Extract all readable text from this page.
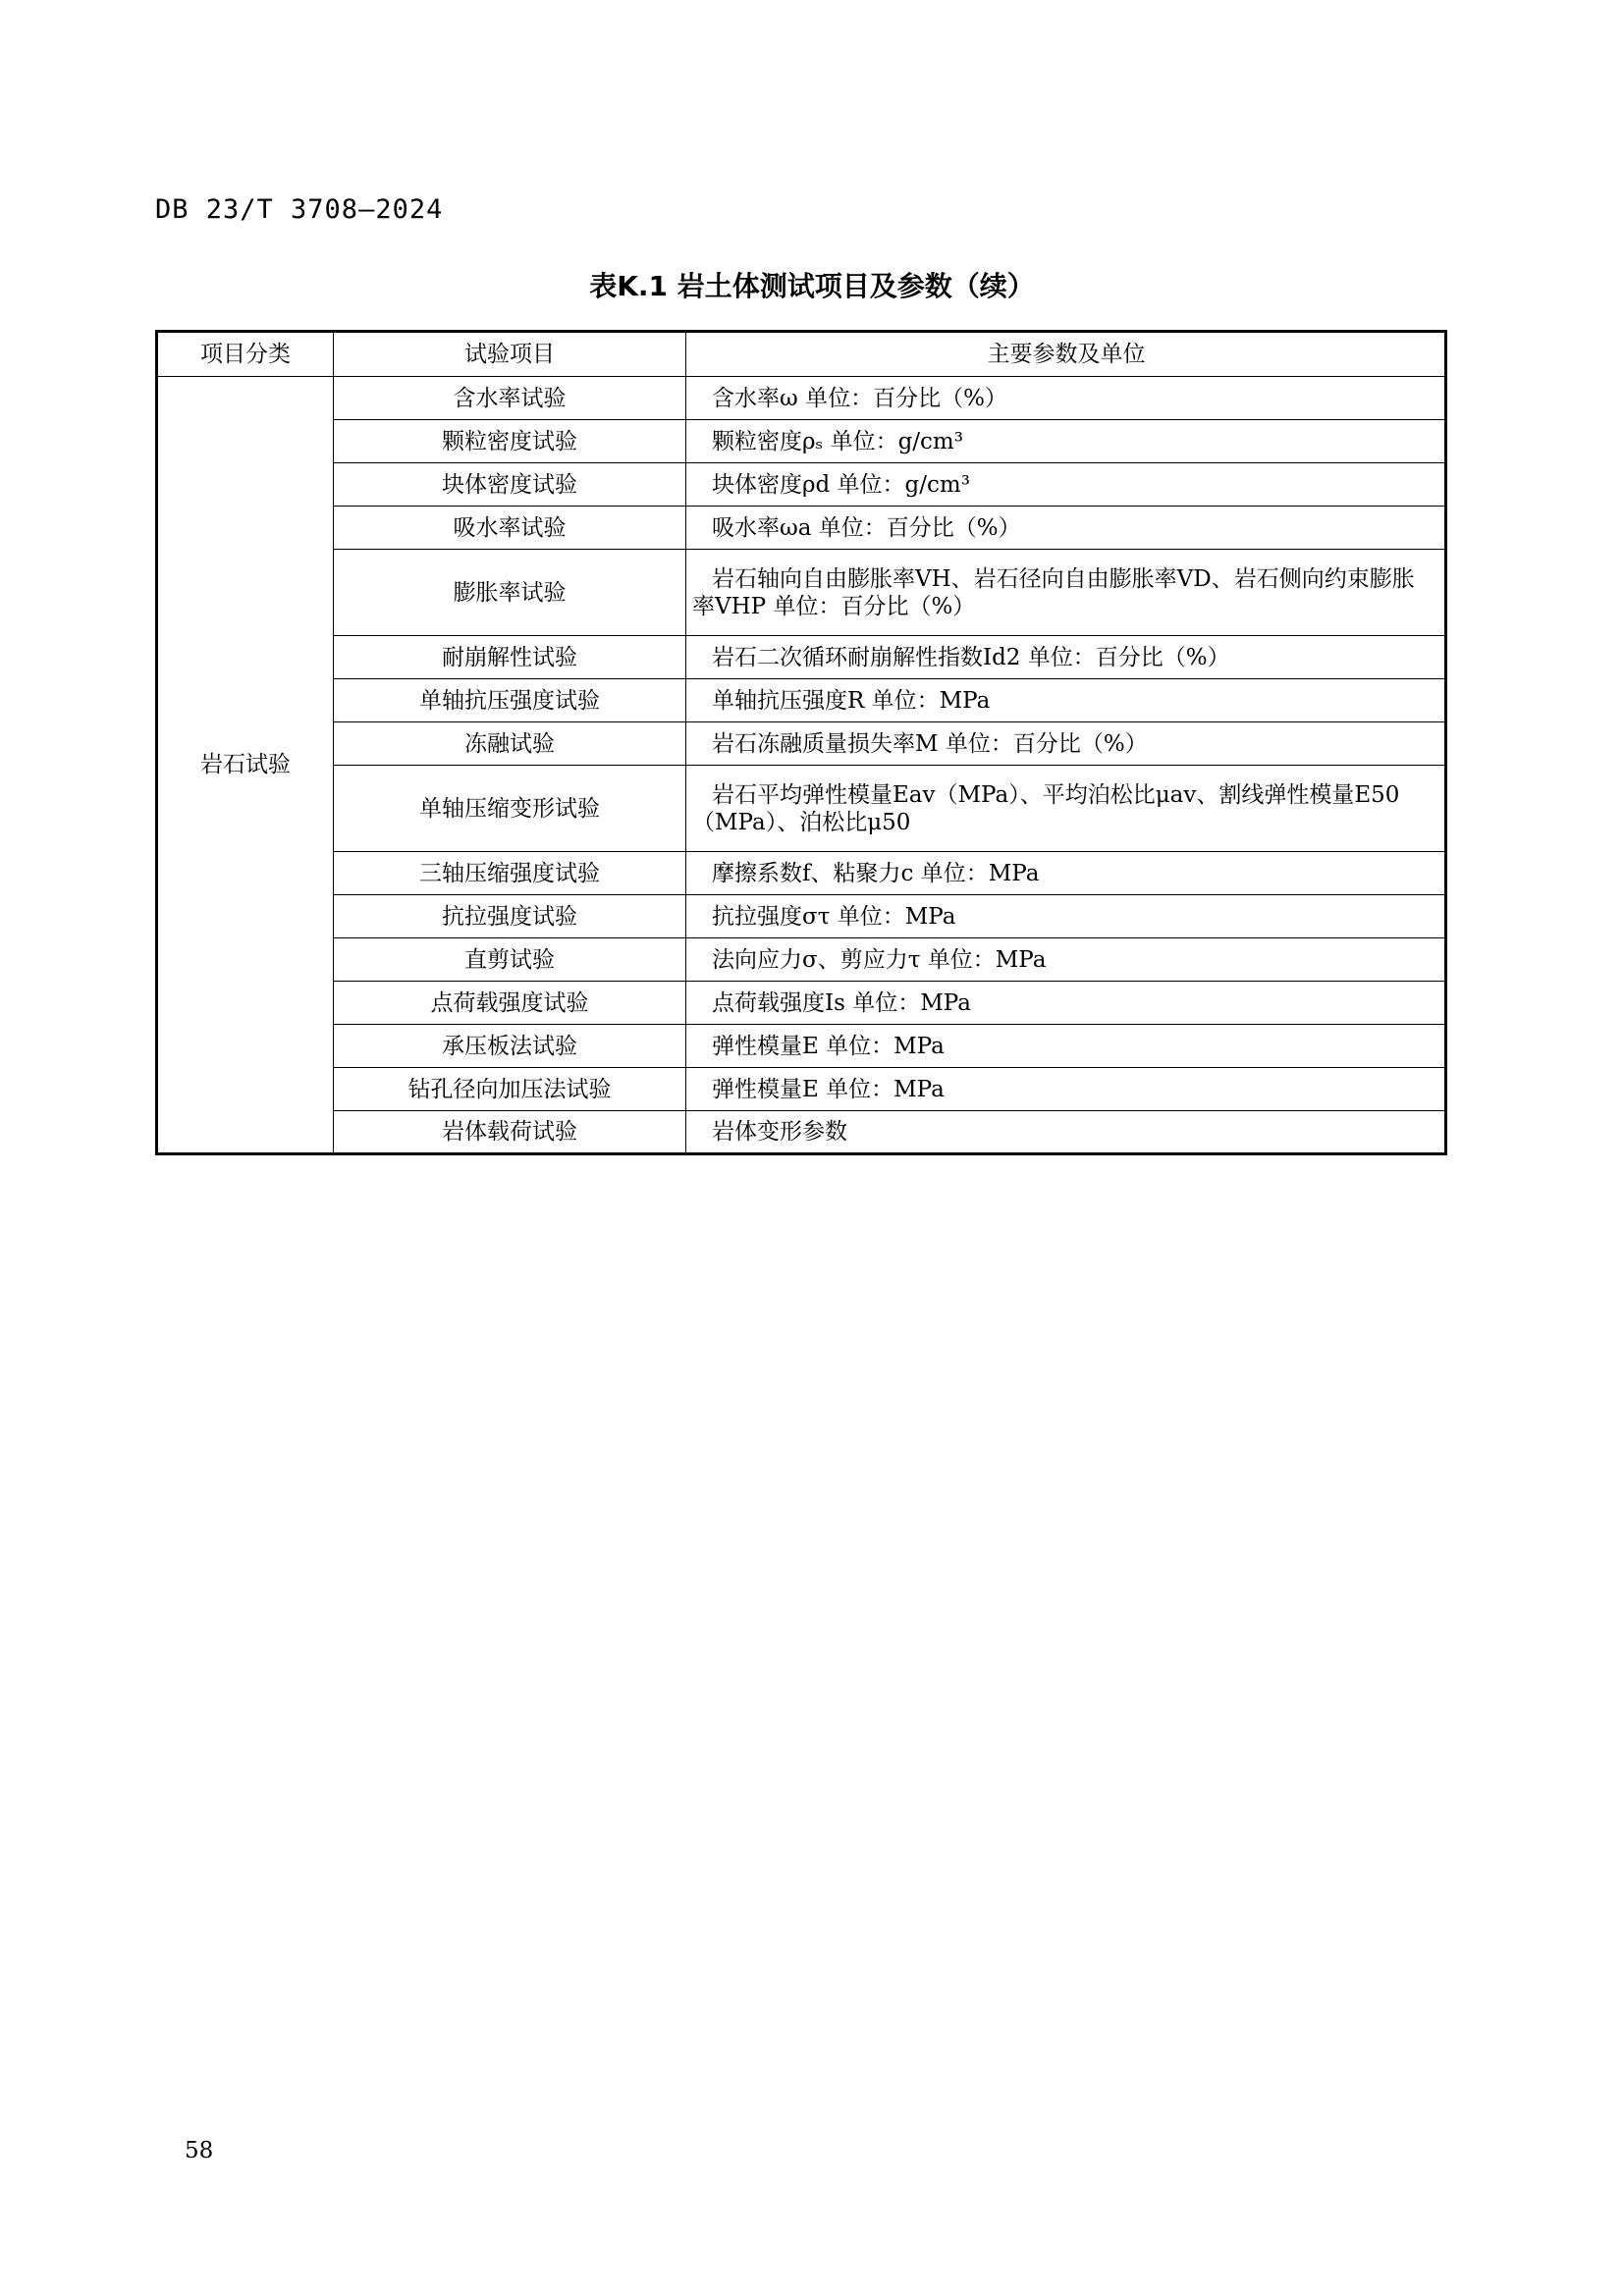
DB 23/T 3708—2024
表K.1 岩土体测试项目及参数（续）
项目分类	试验项目	主要参数及单位
岩石试验	含水率试验	含水率ω 单位：百分比（%）

	颗粒密度试验	颗粒密度ρₛ 单位：g/cm³

	块体密度试验	块体密度ρd 单位：g/cm³

	吸水率试验	吸水率ωa 单位：百分比（%）

	膨胀率试验	岩石轴向自由膨胀率VH、岩石径向自由膨胀率VD、岩石侧向约束膨胀
率VHP 单位：百分比（%）

	耐崩解性试验	岩石二次循环耐崩解性指数Id2 单位：百分比（%）

	单轴抗压强度试验	单轴抗压强度R 单位：MPa

	冻融试验	岩石冻融质量损失率M 单位：百分比（%）

	单轴压缩变形试验	岩石平均弹性模量Eav（MPa）、平均泊松比μav、割线弹性模量E50
（MPa）、泊松比μ50

	三轴压缩强度试验	摩擦系数f、粘聚力c 单位：MPa

	抗拉强度试验	抗拉强度στ 单位：MPa

	直剪试验	法向应力σ、剪应力τ 单位：MPa

	点荷载强度试验	点荷载强度Is 单位：MPa

	承压板法试验	弹性模量E 单位：MPa

	钻孔径向加压法试验	弹性模量E 单位：MPa

	岩体载荷试验	岩体变形参数
58
